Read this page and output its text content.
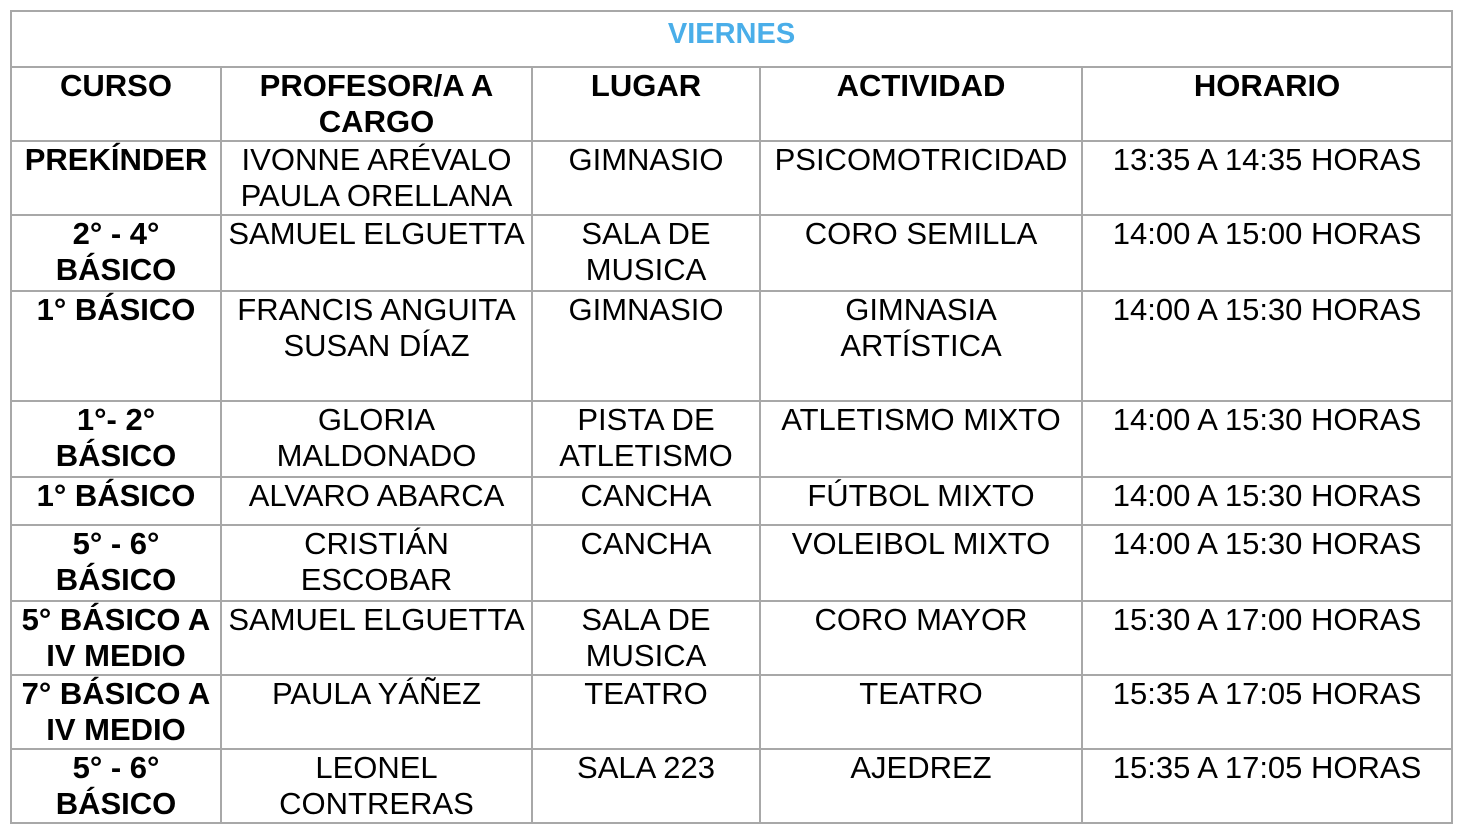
VIERNES				
CURSO	PROFESOR/A A CARGO	LUGAR	ACTIVIDAD	HORARIO
PREKÍNDER	IVONNE ARÉVALO PAULA ORELLANA	GIMNASIO	PSICOMOTRICIDAD	13:35 A 14:35 HORAS
2° - 4° BÁSICO	SAMUEL ELGUETTA	SALA DE MUSICA	CORO SEMILLA	14:00 A 15:00 HORAS
1° BÁSICO	FRANCIS ANGUITA SUSAN DÍAZ	GIMNASIO	GIMNASIA ARTÍSTICA	14:00 A 15:30 HORAS
1°- 2° BÁSICO	GLORIA MALDONADO	PISTA DE ATLETISMO	ATLETISMO MIXTO	14:00 A 15:30 HORAS
1° BÁSICO	ALVARO ABARCA	CANCHA	FÚTBOL MIXTO	14:00 A 15:30 HORAS
5° - 6° BÁSICO	CRISTIÁN ESCOBAR	CANCHA	VOLEIBOL MIXTO	14:00 A 15:30 HORAS
5° BÁSICO A IV MEDIO	SAMUEL ELGUETTA	SALA DE MUSICA	CORO MAYOR	15:30 A 17:00 HORAS
7° BÁSICO A IV MEDIO	PAULA YÁÑEZ	TEATRO	TEATRO	15:35 A 17:05 HORAS
5° - 6° BÁSICO	LEONEL CONTRERAS	SALA 223	AJEDREZ	15:35 A 17:05 HORAS
